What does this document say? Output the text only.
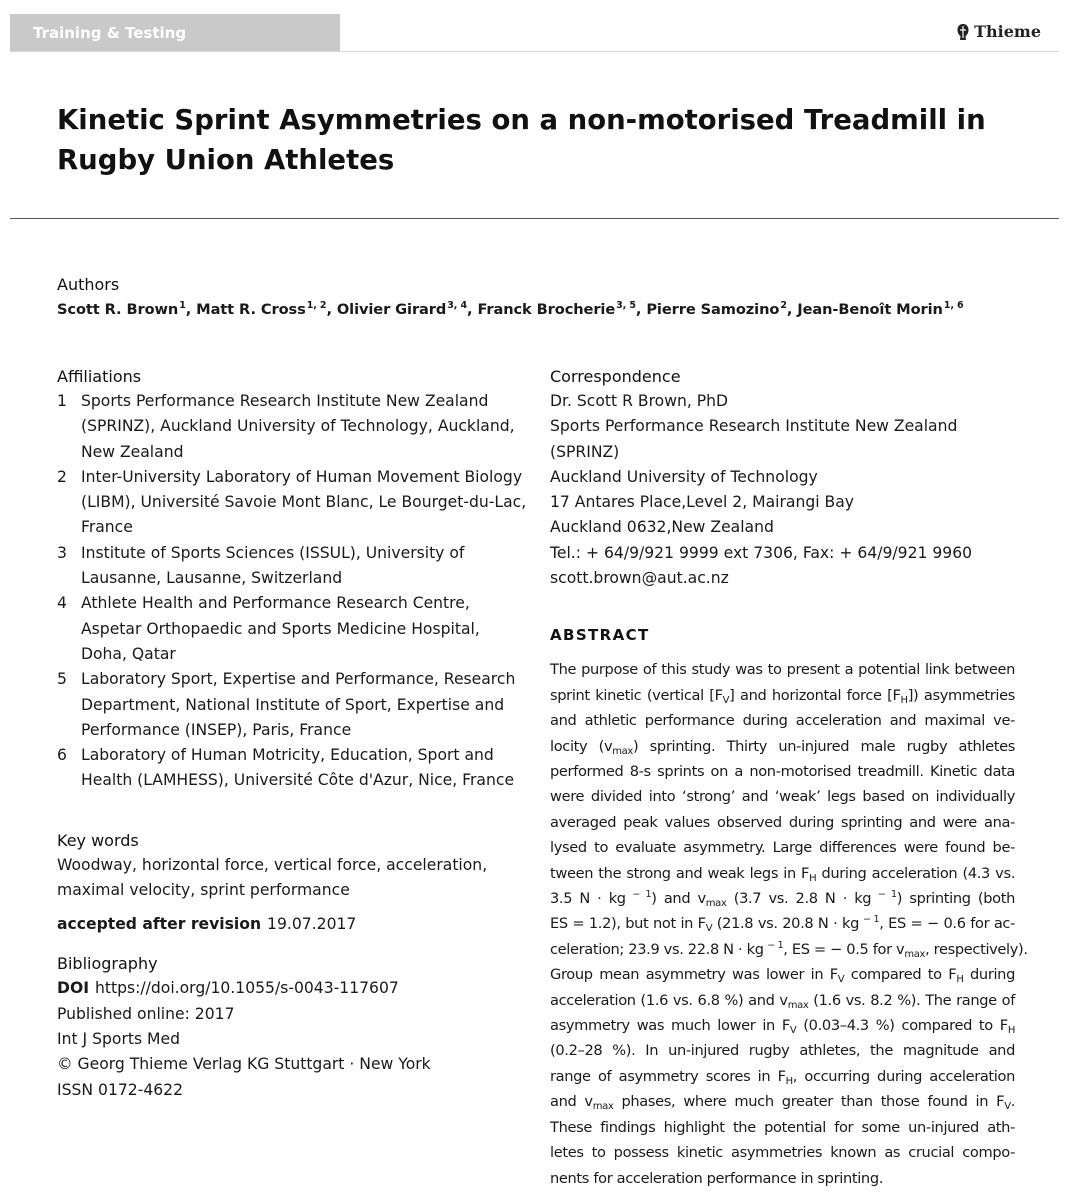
Training & Testing	Thieme
Kinetic Sprint Asymmetries on a non-motorised Treadmill in
Rugby Union Athletes
Authors
Scott R. Brown$^1$, Matt R. Cross$^{1, 2}$, Olivier Girard$^{3, 4}$, Franck Brocherie$^{3, 5}$, Pierre Samozino$^2$, Jean-Benoît Morin$^{1, 6}$
Affiliations
1 Sports Performance Research Institute New Zealand
(SPRINZ), Auckland University of Technology, Auckland,
New Zealand
2 Inter-University Laboratory of Human Movement Biology
(LIBM), Université Savoie Mont Blanc, Le Bourget-du-Lac,
France
3 Institute of Sports Sciences (ISSUL), University of
Lausanne, Lausanne, Switzerland
4 Athlete Health and Performance Research Centre,
Aspetar Orthopaedic and Sports Medicine Hospital,
Doha, Qatar
5 Laboratory Sport, Expertise and Performance, Research
Department, National Institute of Sport, Expertise and
Performance (INSEP), Paris, France
6 Laboratory of Human Motricity, Education, Sport and
Health (LAMHESS), Université Côte d'Azur, Nice, France
Key words
Woodway, horizontal force, vertical force, acceleration,
maximal velocity, sprint performance
accepted after revision 19.07.2017
Bibliography
DOI https://doi.org/10.1055/s-0043-117607
Published online: 2017
Int J Sports Med
© Georg Thieme Verlag KG Stuttgart · New York
ISSN 0172-4622
Correspondence
Dr. Scott R Brown, PhD
Sports Performance Research Institute New Zealand
(SPRINZ)
Auckland University of Technology
17 Antares Place,Level 2, Mairangi Bay
Auckland 0632,New Zealand
Tel.: + 64/9/921 9999 ext 7306, Fax: + 64/9/921 9960
scott.brown@aut.ac.nz
ABSTRACT
The purpose of this study was to present a potential link between
sprint kinetic (vertical $[F_V]$ and horizontal force $[F_H]$) asymmetries
and athletic performance during acceleration and maximal ve-
locity $(v_{max})$ sprinting. Thirty un-injured male rugby athletes
performed 8-s sprints on a non-motorised treadmill. Kinetic data
were divided into ‘strong’ and ‘weak’ legs based on individually
averaged peak values observed during sprinting and were ana-
lysed to evaluate asymmetry. Large differences were found be-
tween the strong and weak legs in $F_H$ during acceleration (4.3 vs.
3.5 N · kg $^{- 1}$) and $v_{max}$ (3.7 vs. 2.8 N · kg $^{- 1}$) sprinting (both
ES = 1.2), but not in $F_V$ (21.8 vs. 20.8 N · kg $^{- 1}$, ES = − 0.6 for ac-
celeration; 23.9 vs. 22.8 N · kg $^{- 1}$, ES = − 0.5 for $v_{max}$, respectively).
Group mean asymmetry was lower in $F_V$ compared to $F_H$ during
acceleration (1.6 vs. 6.8 %) and $v_{max}$ (1.6 vs. 8.2 %). The range of
asymmetry was much lower in $F_V$ (0.03–4.3 %) compared to $F_H$
(0.2–28 %). In un-injured rugby athletes, the magnitude and
range of asymmetry scores in $F_H$, occurring during acceleration
and $v_{max}$ phases, where much greater than those found in $F_V$.
These findings highlight the potential for some un-injured ath-
letes to possess kinetic asymmetries known as crucial compo-
nents for acceleration performance in sprinting.
